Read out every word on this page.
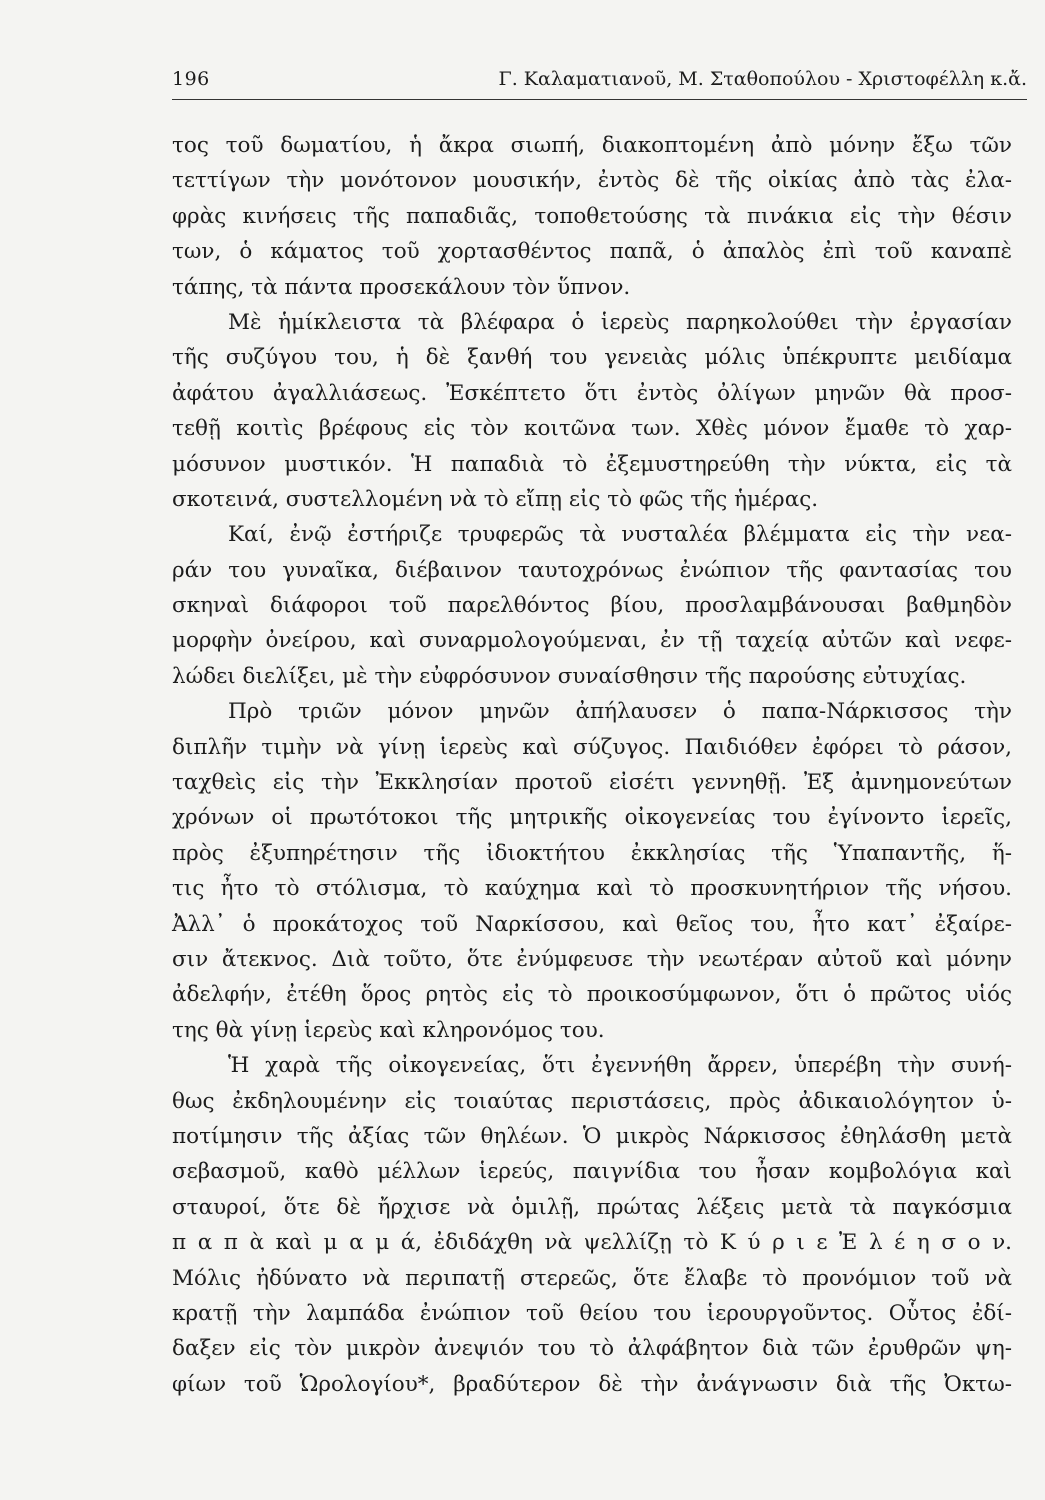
196	Γ. Καλαματιανοῦ, Μ. Σταθοπούλου - Χριστοφέλλη κ.ἄ.
τος τοῦ δωματίου, ἡ ἄκρα σιωπή, διακοπτομένη ἀπὸ μόνην ἔξω τῶν
τεττίγων τὴν μονότονον μουσικήν, ἐντὸς δὲ τῆς οἰκίας ἀπὸ τὰς ἐλα-
φρὰς κινήσεις τῆς παπαδιᾶς, τοποθετούσης τὰ πινάκια εἰς τὴν θέσιν
των, ὁ κάματος τοῦ χορτασθέντος παπᾶ, ὁ ἀπαλὸς ἐπὶ τοῦ καναπὲ
τάπης, τὰ πάντα προσεκάλουν τὸν ὕπνον.
Μὲ ἡμίκλειστα τὰ βλέφαρα ὁ ἱερεὺς παρηκολούθει τὴν ἐργασίαν
τῆς συζύγου του, ἡ δὲ ξανθή του γενειὰς μόλις ὑπέκρυπτε μειδίαμα
ἀφάτου ἀγαλλιάσεως. Ἐσκέπτετο ὅτι ἐντὸς ὀλίγων μηνῶν θὰ προσ-
τεθῇ κοιτὶς βρέφους εἰς τὸν κοιτῶνα των. Χθὲς μόνον ἔμαθε τὸ χαρ-
μόσυνον μυστικόν. Ἡ παπαδιὰ τὸ ἐξεμυστηρεύθη τὴν νύκτα, εἰς τὰ
σκοτεινά, συστελλομένη νὰ τὸ εἴπῃ εἰς τὸ φῶς τῆς ἡμέρας.
Καί, ἐνῷ ἐστήριζε τρυφερῶς τὰ νυσταλέα βλέμματα εἰς τὴν νεα-
ράν του γυναῖκα, διέβαινον ταυτοχρόνως ἐνώπιον τῆς φαντασίας του
σκηναὶ διάφοροι τοῦ παρελθόντος βίου, προσλαμβάνουσαι βαθμηδὸν
μορφὴν ὀνείρου, καὶ συναρμολογούμεναι, ἐν τῇ ταχείᾳ αὐτῶν καὶ νεφε-
λώδει διελίξει, μὲ τὴν εὐφρόσυνον συναίσθησιν τῆς παρούσης εὐτυχίας.
Πρὸ τριῶν μόνον μηνῶν ἀπήλαυσεν ὁ παπα-Νάρκισσος τὴν
διπλῆν τιμὴν νὰ γίνῃ ἱερεὺς καὶ σύζυγος. Παιδιόθεν ἐφόρει τὸ ράσον,
ταχθεὶς εἰς τὴν Ἐκκλησίαν προτοῦ εἰσέτι γεννηθῇ. Ἐξ ἀμνημονεύτων
χρόνων οἱ πρωτότοκοι τῆς μητρικῆς οἰκογενείας του ἐγίνοντο ἱερεῖς,
πρὸς ἐξυπηρέτησιν τῆς ἰδιοκτήτου ἐκκλησίας τῆς Ὑπαπαντῆς, ἥ-
τις ἦτο τὸ στόλισμα, τὸ καύχημα καὶ τὸ προσκυνητήριον τῆς νήσου.
Ἀλλ᾽ ὁ προκάτοχος τοῦ Ναρκίσσου, καὶ θεῖος του, ἦτο κατ᾽ ἐξαίρε-
σιν ἄτεκνος. Διὰ τοῦτο, ὅτε ἐνύμφευσε τὴν νεωτέραν αὐτοῦ καὶ μόνην
ἀδελφήν, ἐτέθη ὅρος ρητὸς εἰς τὸ προικοσύμφωνον, ὅτι ὁ πρῶτος υἱός
της θὰ γίνῃ ἱερεὺς καὶ κληρονόμος του.
Ἡ χαρὰ τῆς οἰκογενείας, ὅτι ἐγεννήθη ἄρρεν, ὑπερέβη τὴν συνή-
θως ἐκδηλουμένην εἰς τοιαύτας περιστάσεις, πρὸς ἀδικαιολόγητον ὑ-
ποτίμησιν τῆς ἀξίας τῶν θηλέων. Ὁ μικρὸς Νάρκισσος ἐθηλάσθη μετὰ
σεβασμοῦ, καθὸ μέλλων ἱερεύς, παιγνίδια του ἦσαν κομβολόγια καὶ
σταυροί, ὅτε δὲ ἤρχισε νὰ ὁμιλῇ, πρώτας λέξεις μετὰ τὰ παγκόσμια
π α π ὰ καὶ μ α μ ά, ἐδιδάχθη νὰ ψελλίζῃ τὸ Κ ύ ρ ι ε Ἐ λ έ η σ ο ν.
Μόλις ἠδύνατο νὰ περιπατῇ στερεῶς, ὅτε ἔλαβε τὸ προνόμιον τοῦ νὰ
κρατῇ τὴν λαμπάδα ἐνώπιον τοῦ θείου του ἱερουργοῦντος. Οὗτος ἐδί-
δαξεν εἰς τὸν μικρὸν ἀνεψιόν του τὸ ἀλφάβητον διὰ τῶν ἐρυθρῶν ψη-
φίων τοῦ Ὡρολογίου*, βραδύτερον δὲ τὴν ἀνάγνωσιν διὰ τῆς Ὀκτω-
